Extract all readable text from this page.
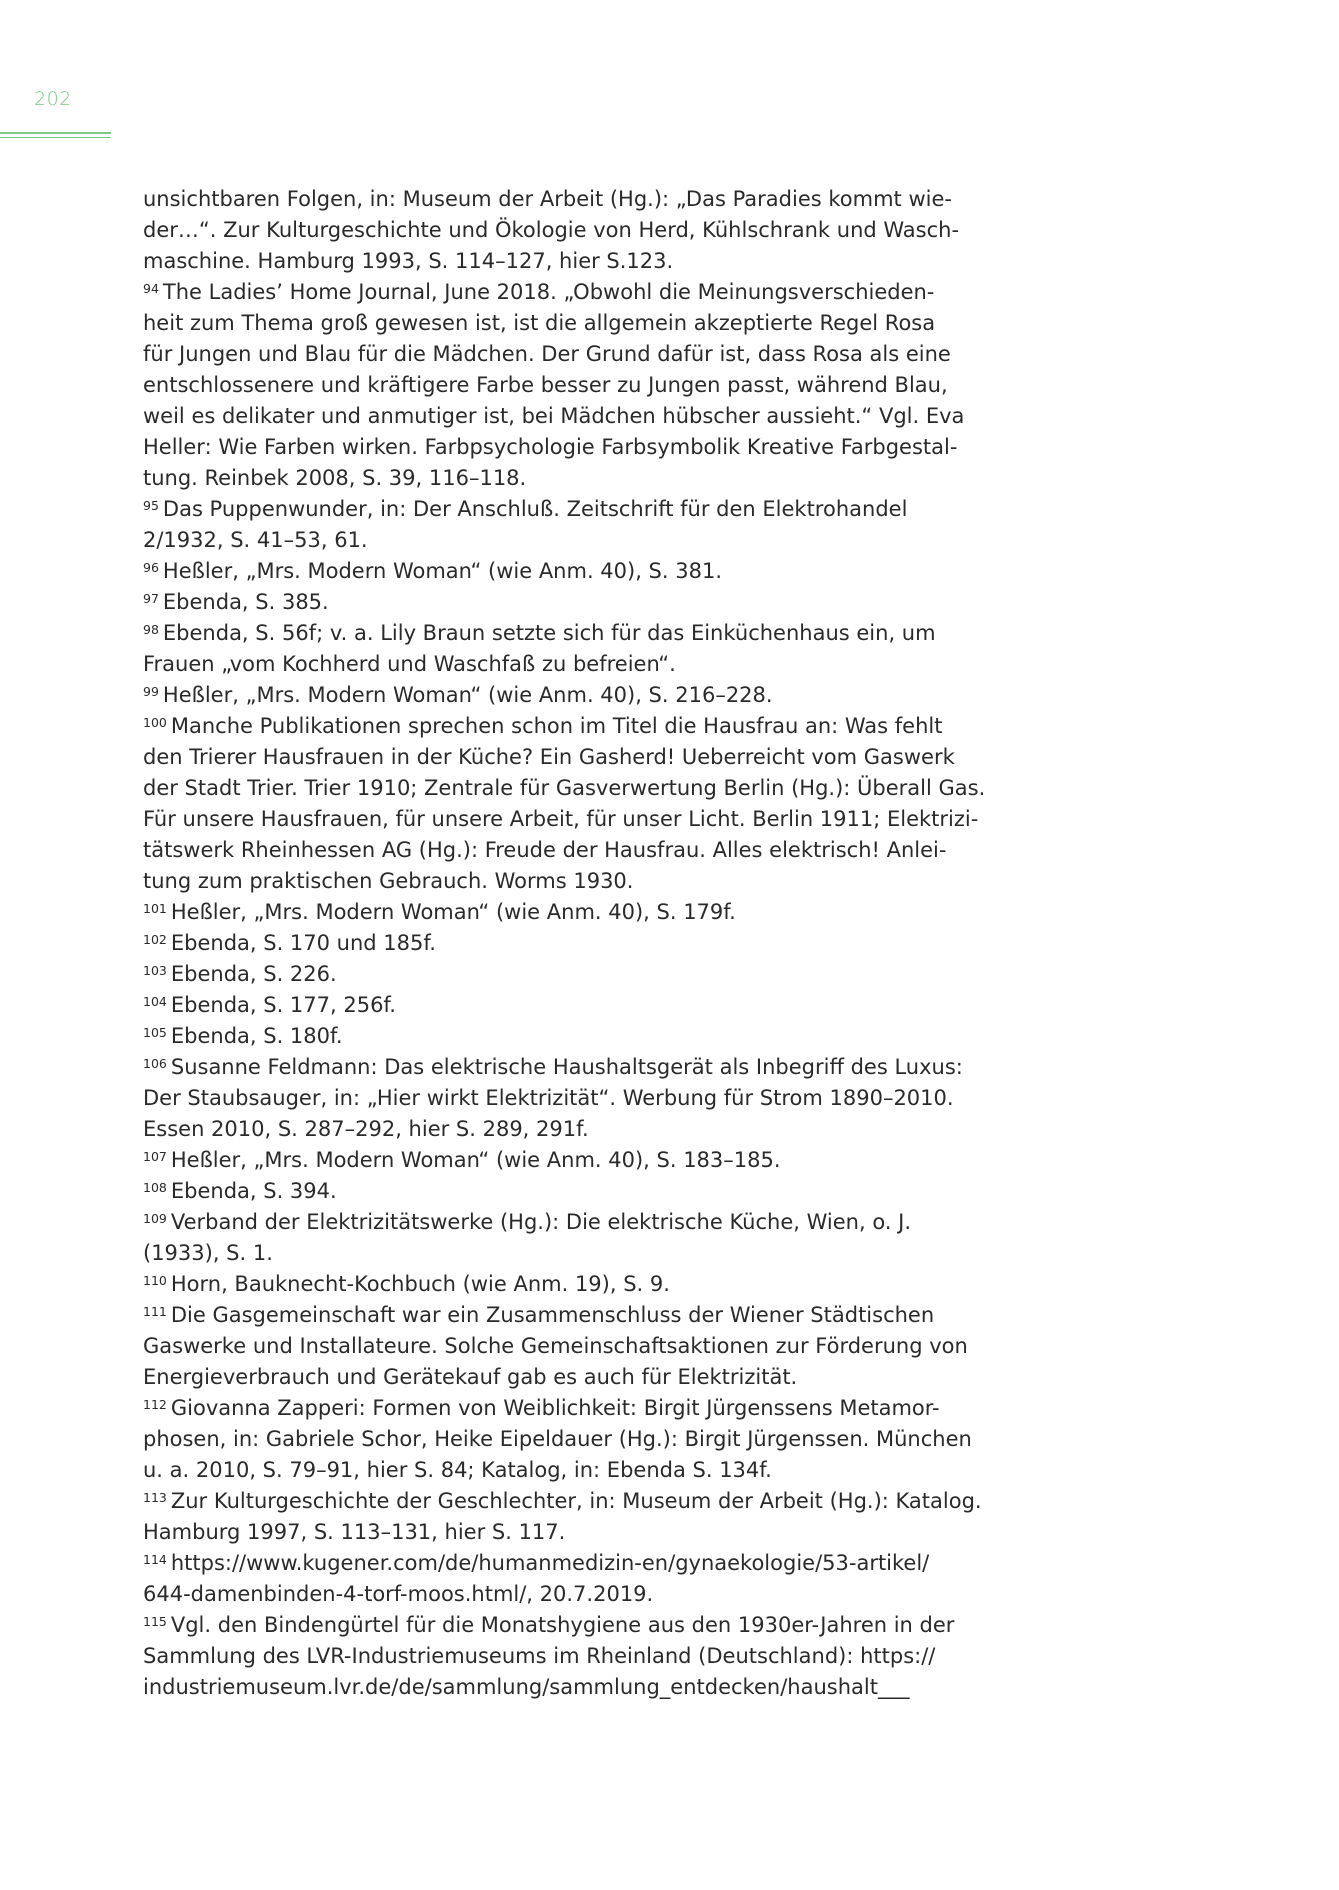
202
unsichtbaren Folgen, in: Museum der Arbeit (Hg.): „Das Paradies kommt wie-
der…“. Zur Kulturgeschichte und Ökologie von Herd, Kühlschrank und Wasch-
maschine. Hamburg 1993, S. 114–127, hier S.123.
$^{94}$ The Ladies’ Home Journal, June 2018. „Obwohl die Meinungsverschieden-
heit zum Thema groß gewesen ist, ist die allgemein akzeptierte Regel Rosa
für Jungen und Blau für die Mädchen. Der Grund dafür ist, dass Rosa als eine
entschlossenere und kräftigere Farbe besser zu Jungen passt, während Blau,
weil es delikater und anmutiger ist, bei Mädchen hübscher aussieht.“ Vgl. Eva
Heller: Wie Farben wirken. Farbpsychologie Farbsymbolik Kreative Farbgestal-
tung. Reinbek 2008, S. 39, 116–118.
$^{95}$ Das Puppenwunder, in: Der Anschluß. Zeitschrift für den Elektrohandel
2/1932, S. 41–53, 61.
$^{96}$ Heßler, „Mrs. Modern Woman“ (wie Anm. 40), S. 381.
$^{97}$ Ebenda, S. 385.
$^{98}$ Ebenda, S. 56f; v. a. Lily Braun setzte sich für das Einküchenhaus ein, um
Frauen „vom Kochherd und Waschfaß zu befreien“.
$^{99}$ Heßler, „Mrs. Modern Woman“ (wie Anm. 40), S. 216–228.
$^{100}$ Manche Publikationen sprechen schon im Titel die Hausfrau an: Was fehlt
den Trierer Hausfrauen in der Küche? Ein Gasherd! Ueberreicht vom Gaswerk
der Stadt Trier. Trier 1910; Zentrale für Gasverwertung Berlin (Hg.): Überall Gas.
Für unsere Hausfrauen, für unsere Arbeit, für unser Licht. Berlin 1911; Elektrizi-
tätswerk Rheinhessen AG (Hg.): Freude der Hausfrau. Alles elektrisch! Anlei-
tung zum praktischen Gebrauch. Worms 1930.
$^{101}$ Heßler, „Mrs. Modern Woman“ (wie Anm. 40), S. 179f.
$^{102}$ Ebenda, S. 170 und 185f.
$^{103}$ Ebenda, S. 226.
$^{104}$ Ebenda, S. 177, 256f.
$^{105}$ Ebenda, S. 180f.
$^{106}$ Susanne Feldmann: Das elektrische Haushaltsgerät als Inbegriff des Luxus:
Der Staubsauger, in: „Hier wirkt Elektrizität“. Werbung für Strom 1890–2010.
Essen 2010, S. 287–292, hier S. 289, 291f.
$^{107}$ Heßler, „Mrs. Modern Woman“ (wie Anm. 40), S. 183–185.
$^{108}$ Ebenda, S. 394.
$^{109}$ Verband der Elektrizitätswerke (Hg.): Die elektrische Küche, Wien, o. J.
(1933), S. 1.
$^{110}$ Horn, Bauknecht-Kochbuch (wie Anm. 19), S. 9.
$^{111}$ Die Gasgemeinschaft war ein Zusammenschluss der Wiener Städtischen
Gaswerke und Installateure. Solche Gemeinschaftsaktionen zur Förderung von
Energieverbrauch und Gerätekauf gab es auch für Elektrizität.
$^{112}$ Giovanna Zapperi: Formen von Weiblichkeit: Birgit Jürgenssens Metamor-
phosen, in: Gabriele Schor, Heike Eipeldauer (Hg.): Birgit Jürgenssen. München
u. a. 2010, S. 79–91, hier S. 84; Katalog, in: Ebenda S. 134f.
$^{113}$ Zur Kulturgeschichte der Geschlechter, in: Museum der Arbeit (Hg.): Katalog.
Hamburg 1997, S. 113–131, hier S. 117.
$^{114}$ https://www.kugener.com/de/humanmedizin-en/gynaekologie/53-artikel/
644-damenbinden-4-torf-moos.html/, 20.7.2019.
$^{115}$ Vgl. den Bindengürtel für die Monatshygiene aus den 1930er-Jahren in der
Sammlung des LVR-Industriemuseums im Rheinland (Deutschland): https://
industriemuseum.lvr.de/de/sammlung/sammlung_entdecken/haushalt___
